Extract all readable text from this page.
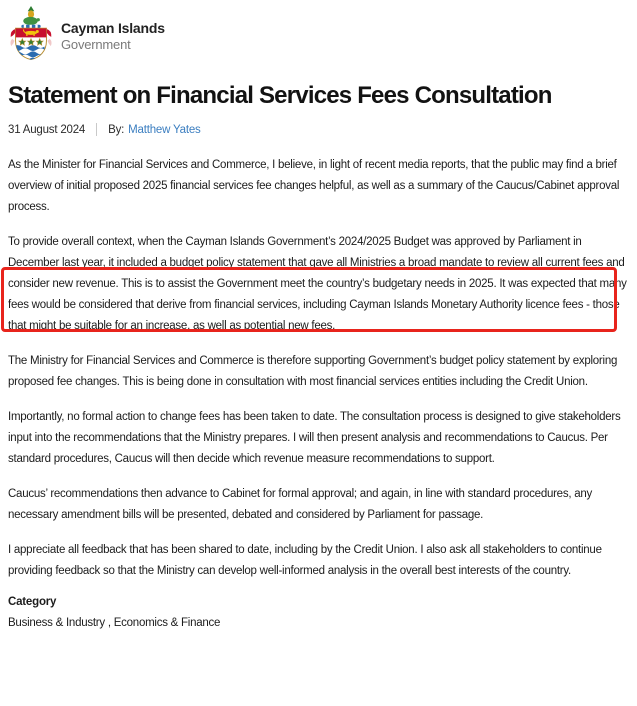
Cayman Islands
Government
Statement on Financial Services Fees Consultation
31 August 2024 By: Matthew Yates

As the Minister for Financial Services and Commerce, I believe, in light of recent media reports, that the public may find a brief overview of initial proposed 2025 financial services fee changes helpful, as well as a summary of the Caucus/Cabinet approval process.

To provide overall context, when the Cayman Islands Government’s 2024/2025 Budget was approved by Parliament in December last year, it included a budget policy statement that gave all Ministries a broad mandate to review all current fees and consider new revenue. This is to assist the Government meet the country’s budgetary needs in 2025. It was expected that many fees would be considered that derive from financial services, including Cayman Islands Monetary Authority licence fees - those that might be suitable for an increase, as well as potential new fees.

The Ministry for Financial Services and Commerce is therefore supporting Government’s budget policy statement by exploring proposed fee changes. This is being done in consultation with most financial services entities including the Credit Union.

Importantly, no formal action to change fees has been taken to date. The consultation process is designed to give stakeholders input into the recommendations that the Ministry prepares. I will then present analysis and recommendations to Caucus. Per standard procedures, Caucus will then decide which revenue measure recommendations to support.

Caucus’ recommendations then advance to Cabinet for formal approval; and again, in line with standard procedures, any necessary amendment bills will be presented, debated and considered by Parliament for passage.

I appreciate all feedback that has been shared to date, including by the Credit Union. I also ask all stakeholders to continue providing feedback so that the Ministry can develop well-informed analysis in the overall best interests of the country.

Category
Business & Industry , Economics & Finance
